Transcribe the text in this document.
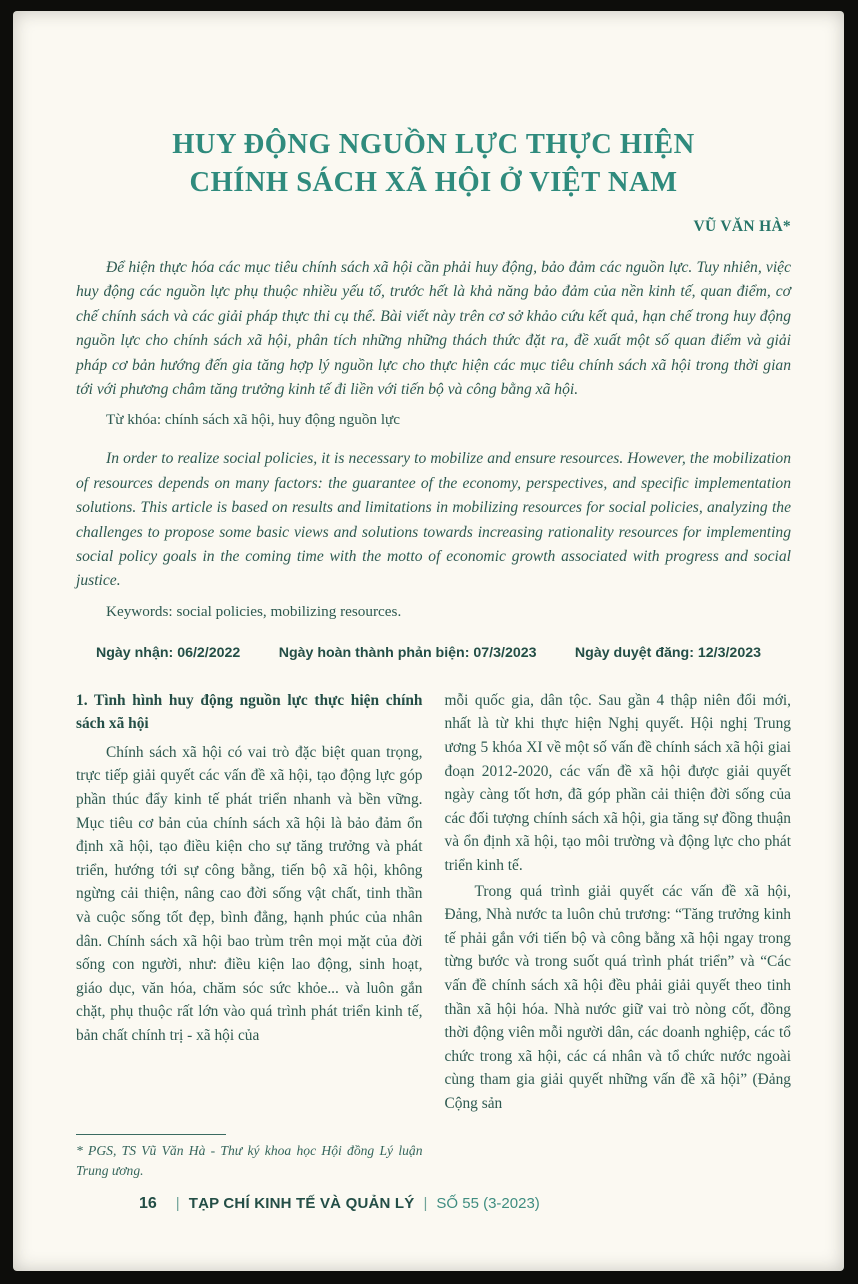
HUY ĐỘNG NGUỒN LỰC THỰC HIỆN
CHÍNH SÁCH XÃ HỘI Ở VIỆT NAM
VŨ VĂN HÀ*

Để hiện thực hóa các mục tiêu chính sách xã hội cần phải huy động, bảo đảm các nguồn lực. Tuy nhiên, việc huy động các nguồn lực phụ thuộc nhiều yếu tố, trước hết là khả năng bảo đảm của nền kinh tế, quan điểm, cơ chế chính sách và các giải pháp thực thi cụ thể. Bài viết này trên cơ sở khảo cứu kết quả, hạn chế trong huy động nguồn lực cho chính sách xã hội, phân tích những những thách thức đặt ra, đề xuất một số quan điểm và giải pháp cơ bản hướng đến gia tăng hợp lý nguồn lực cho thực hiện các mục tiêu chính sách xã hội trong thời gian tới với phương châm tăng trưởng kinh tế đi liền với tiến bộ và công bằng xã hội.

Từ khóa: chính sách xã hội, huy động nguồn lực

In order to realize social policies, it is necessary to mobilize and ensure resources. However, the mobilization of resources depends on many factors: the guarantee of the economy, perspectives, and specific implementation solutions. This article is based on results and limitations in mobilizing resources for social policies, analyzing the challenges to propose some basic views and solutions towards increasing rationality resources for implementing social policy goals in the coming time with the motto of economic growth associated with progress and social justice.

Keywords: social policies, mobilizing resources.

Ngày nhận: 06/2/2022	Ngày hoàn thành phản biện: 07/3/2023	Ngày duyệt đăng: 12/3/2023
1. Tình hình huy động nguồn lực thực hiện chính sách xã hội

Chính sách xã hội có vai trò đặc biệt quan trọng, trực tiếp giải quyết các vấn đề xã hội, tạo động lực góp phần thúc đẩy kinh tế phát triển nhanh và bền vững. Mục tiêu cơ bản của chính sách xã hội là bảo đảm ổn định xã hội, tạo điều kiện cho sự tăng trưởng và phát triển, hướng tới sự công bằng, tiến bộ xã hội, không ngừng cải thiện, nâng cao đời sống vật chất, tinh thần và cuộc sống tốt đẹp, bình đẳng, hạnh phúc của nhân dân. Chính sách xã hội bao trùm trên mọi mặt của đời sống con người, như: điều kiện lao động, sinh hoạt, giáo dục, văn hóa, chăm sóc sức khỏe... và luôn gắn chặt, phụ thuộc rất lớn vào quá trình phát triển kinh tế, bản chất chính trị - xã hội của

* PGS, TS Vũ Văn Hà - Thư ký khoa học Hội đồng Lý luận Trung ương.

mỗi quốc gia, dân tộc. Sau gần 4 thập niên đổi mới, nhất là từ khi thực hiện Nghị quyết. Hội nghị Trung ương 5 khóa XI về một số vấn đề chính sách xã hội giai đoạn 2012-2020, các vấn đề xã hội được giải quyết ngày càng tốt hơn, đã góp phần cải thiện đời sống của các đối tượng chính sách xã hội, gia tăng sự đồng thuận và ổn định xã hội, tạo môi trường và động lực cho phát triển kinh tế.

Trong quá trình giải quyết các vấn đề xã hội, Đảng, Nhà nước ta luôn chủ trương: “Tăng trưởng kinh tế phải gắn với tiến bộ và công bằng xã hội ngay trong từng bước và trong suốt quá trình phát triển” và “Các vấn đề chính sách xã hội đều phải giải quyết theo tinh thần xã hội hóa. Nhà nước giữ vai trò nòng cốt, đồng thời động viên mỗi người dân, các doanh nghiệp, các tổ chức trong xã hội, các cá nhân và tổ chức nước ngoài cùng tham gia giải quyết những vấn đề xã hội” (Đảng Cộng sản

16 | TẠP CHÍ KINH TẾ VÀ QUẢN LÝ | SỐ 55 (3-2023)
